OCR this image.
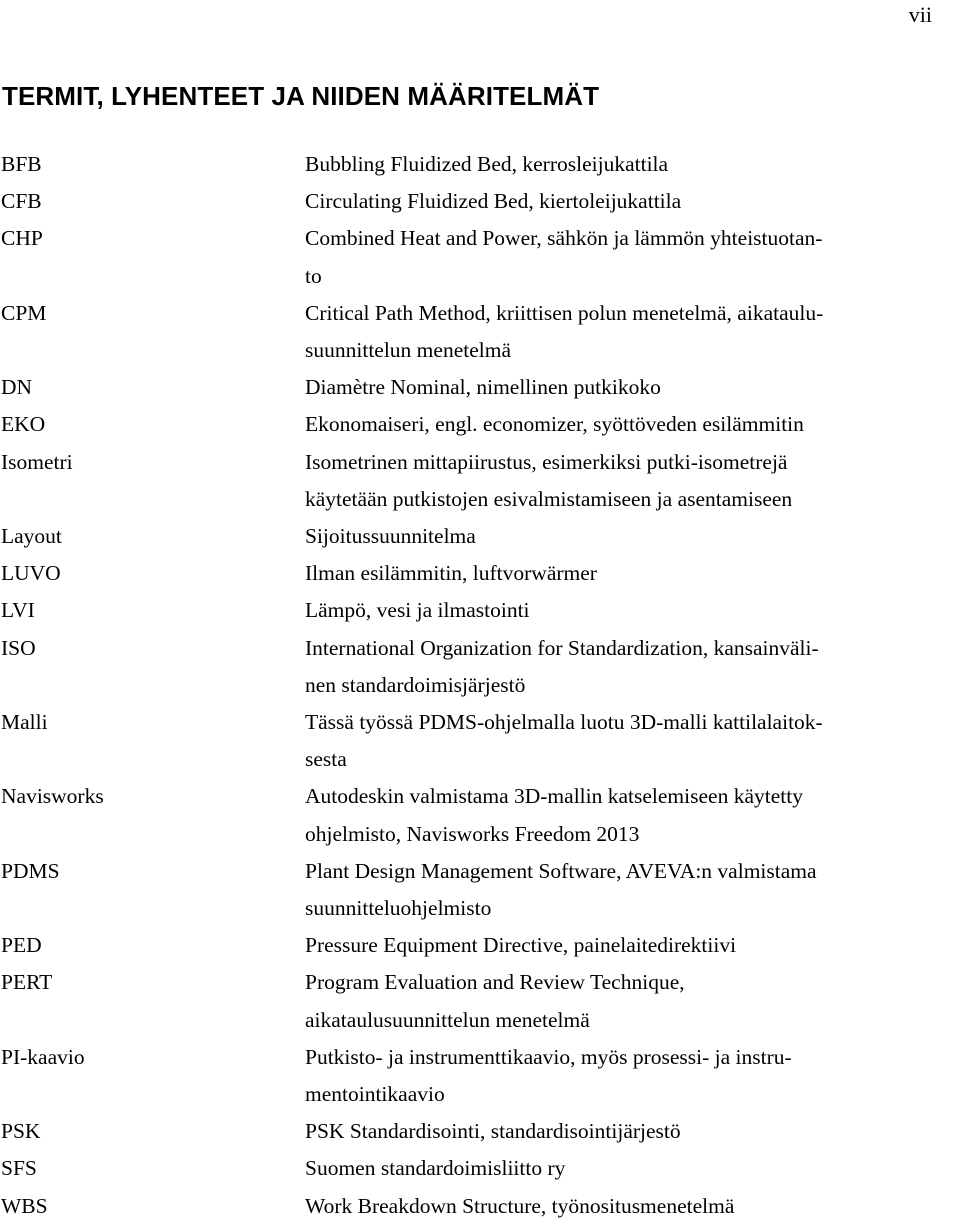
vii
TERMIT, LYHENTEET JA NIIDEN MÄÄRITELMÄT
BFB	Bubbling Fluidized Bed, kerrosleijukattila
CFB	Circulating Fluidized Bed, kiertoleijukattila
CHP	Combined Heat and Power, sähkön ja lämmön yhteistuotan-
to
CPM	Critical Path Method, kriittisen polun menetelmä, aikataulu-
suunnittelun menetelmä
DN	Diamètre Nominal, nimellinen putkikoko
EKO	Ekonomaiseri, engl. economizer, syöttöveden esilämmitin
Isometri	Isometrinen mittapiirustus, esimerkiksi putki-isometrejä
käytetään putkistojen esivalmistamiseen ja asentamiseen
Layout	Sijoitussuunnitelma
LUVO	Ilman esilämmitin, luftvorwärmer
LVI	Lämpö, vesi ja ilmastointi
ISO	International Organization for Standardization, kansainväli-
nen standardoimisjärjestö
Malli	Tässä työssä PDMS-ohjelmalla luotu 3D-malli kattilalaitok-
sesta
Navisworks	Autodeskin valmistama 3D-mallin katselemiseen käytetty
ohjelmisto, Navisworks Freedom 2013
PDMS	Plant Design Management Software, AVEVA:n valmistama
suunnitteluohjelmisto
PED	Pressure Equipment Directive, painelaitedirektiivi
PERT	Program Evaluation and Review Technique,
aikataulusuunnittelun menetelmä
PI-kaavio	Putkisto- ja instrumenttikaavio, myös prosessi- ja instru-
mentointikaavio
PSK	PSK Standardisointi, standardisointijärjestö
SFS	Suomen standardoimisliitto ry
WBS	Work Breakdown Structure, työnositusmenetelmä
